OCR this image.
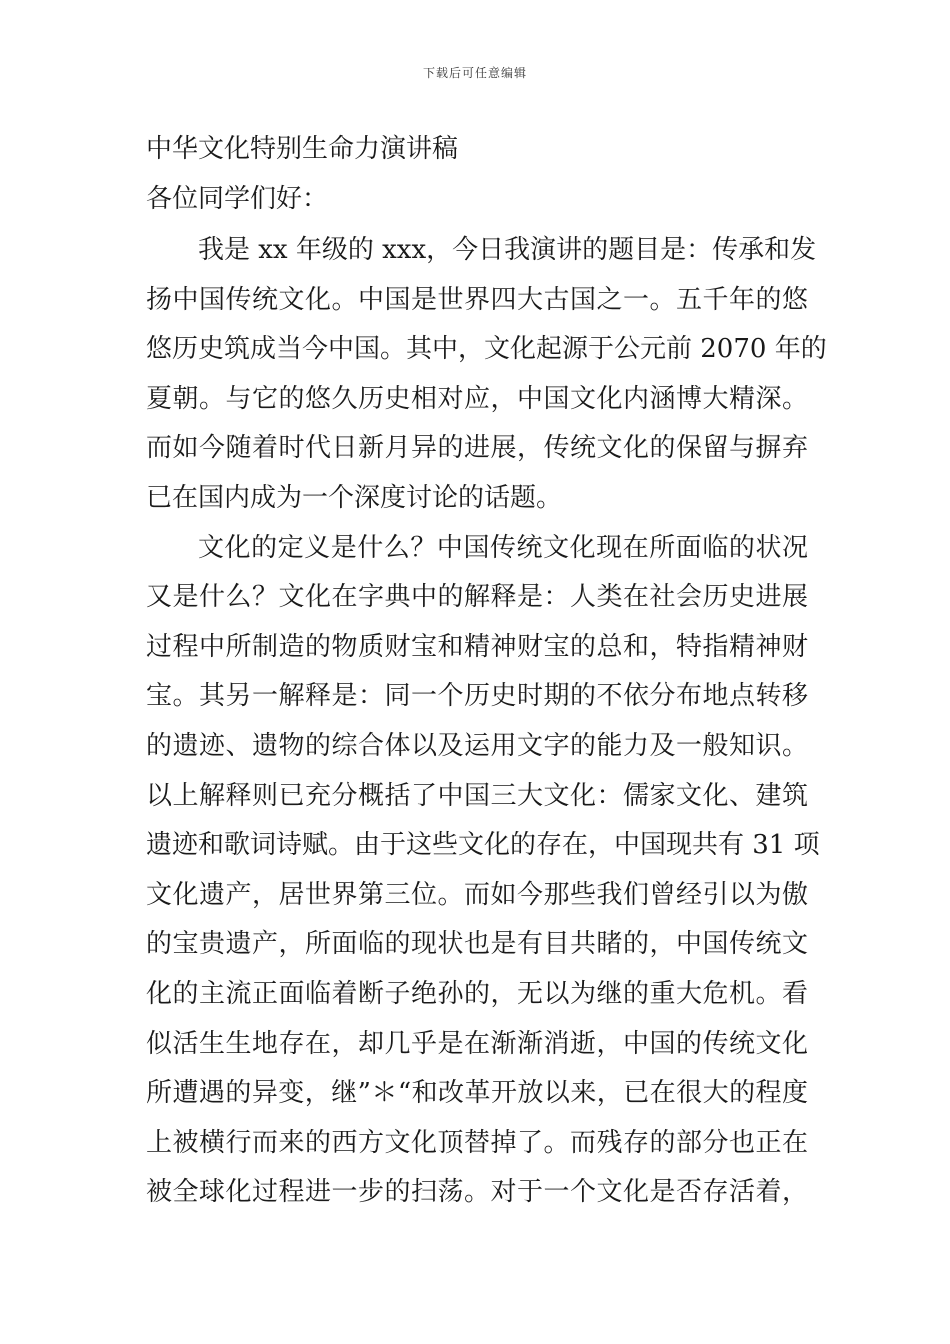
下载后可任意编辑

中华文化特别生命力演讲稿

各位同学们好：

我是 xx 年级的 xxx，今日我演讲的题目是：传承和发
扬中国传统文化。中国是世界四大古国之一。五千年的悠
悠历史筑成当今中国。其中，文化起源于公元前 2070 年的
夏朝。与它的悠久历史相对应，中国文化内涵博大精深。
而如今随着时代日新月异的进展，传统文化的保留与摒弃
已在国内成为一个深度讨论的话题。
文化的定义是什么？中国传统文化现在所面临的状况
又是什么？文化在字典中的解释是：人类在社会历史进展
过程中所制造的物质财宝和精神财宝的总和，特指精神财
宝。其另一解释是：同一个历史时期的不依分布地点转移
的遗迹、遗物的综合体以及运用文字的能力及一般知识。
以上解释则已充分概括了中国三大文化：儒家文化、建筑
遗迹和歌词诗赋。由于这些文化的存在，中国现共有 31 项
文化遗产，居世界第三位。而如今那些我们曾经引以为傲
的宝贵遗产，所面临的现状也是有目共睹的，中国传统文
化的主流正面临着断子绝孙的，无以为继的重大危机。看
似活生生地存在，却几乎是在渐渐消逝，中国的传统文化
所遭遇的异变，继”＊“和改革开放以来，已在很大的程度
上被横行而来的西方文化顶替掉了。而残存的部分也正在
被全球化过程进一步的扫荡。对于一个文化是否存活着，
